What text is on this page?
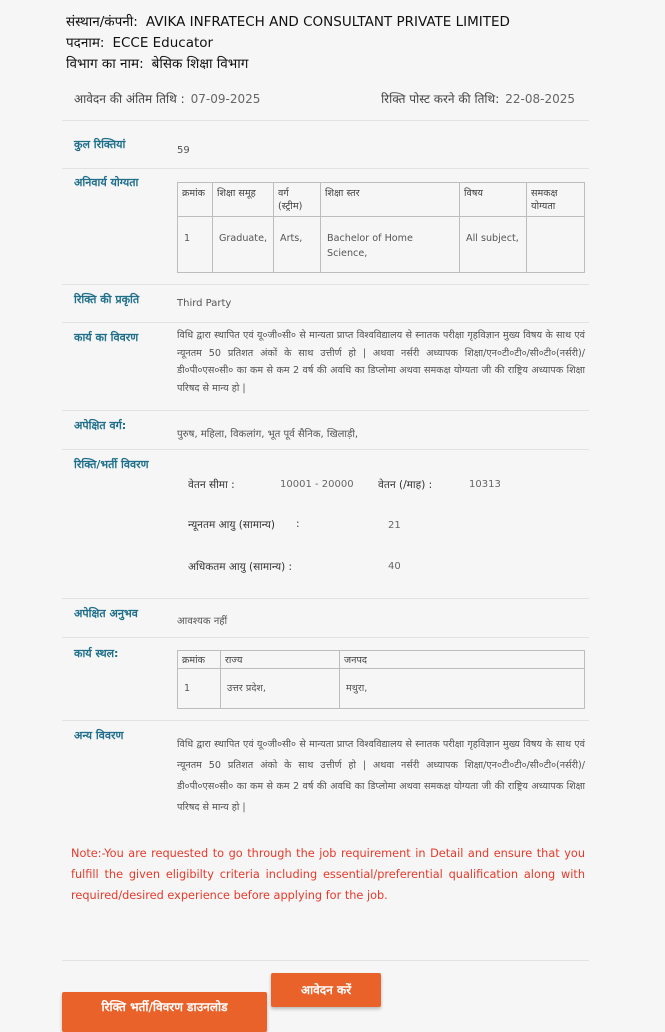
संस्थान/कंपनी: AVIKA INFRATECH AND CONSULTANT PRIVATE LIMITED
पदनाम: ECCE Educator
विभाग का नाम: बेसिक शिक्षा विभाग
आवेदन की अंतिम तिथि : 07-09-2025	रिक्ति पोस्ट करने की तिथि: 22-08-2025
कुल रिक्तियां	59
अनिवार्य योग्यता
क्रमांक	शिक्षा समूह	वर्ग (स्ट्रीम)	शिक्षा स्तर	विषय	समकक्ष योग्यता
1	Graduate,	Arts,	Bachelor of Home Science,	All subject,	
रिक्ति की प्रकृति	Third Party
कार्य का विवरण	विधि द्वारा स्थापित एवं यू०जी०सी० से मान्यता प्राप्त विश्वविद्यालय से स्नातक परीक्षा गृहविज्ञान मुख्य विषय के साथ एवं न्यूनतम 50 प्रतिशत अंकों के साथ उत्तीर्ण हो | अथवा नर्सरी अध्यापक शिक्षा/एन०टी०टी०/सी०टी०(नर्सरी)/ डी०पी०एस०सी० का कम से कम 2 वर्ष की अवधि का डिप्लोमा अथवा समकक्ष योग्यता जी की राष्ट्रिय अध्यापक शिक्षा परिषद से मान्य हो |
अपेक्षित वर्ग:
पुरुष, महिला, विकलांग, भूत पूर्व सैनिक, खिलाड़ी,
रिक्ति/भर्ती विवरण
वेतन सीमा :	10001 - 20000 वेतन (/माह) :	10313
न्यूनतम आयु (सामान्य) :	21
अधिकतम आयु (सामान्य) :	40
अपेक्षित अनुभव
आवश्यक नहीं
कार्य स्थल:
क्रमांक	राज्य	जनपद
1	उत्तर प्रदेश,	मथुरा,
अन्य विवरण
विधि द्वारा स्थापित एवं यू०जी०सी० से मान्यता प्राप्त विश्वविद्यालय से स्नातक परीक्षा गृहविज्ञान मुख्य विषय के साथ एवं न्यूनतम 50 प्रतिशत अंको के साथ उत्तीर्ण हो | अथवा नर्सरी अध्यापक शिक्षा/एन०टी०टी०/सी०टी०(नर्सरी)/ डी०पी०एस०सी० का कम से कम 2 वर्ष की अवधि का डिप्लोमा अथवा समकक्ष योग्यता जी की राष्ट्रिय अध्यापक शिक्षा परिषद से मान्य हो |
Note:-You are requested to go through the job requirement in Detail and ensure that you fulfill the given eligibilty criteria including essential/preferential qualification along with required/desired experience before applying for the job.
आवेदन करें
रिक्ति भर्ती/विवरण डाउनलोड
